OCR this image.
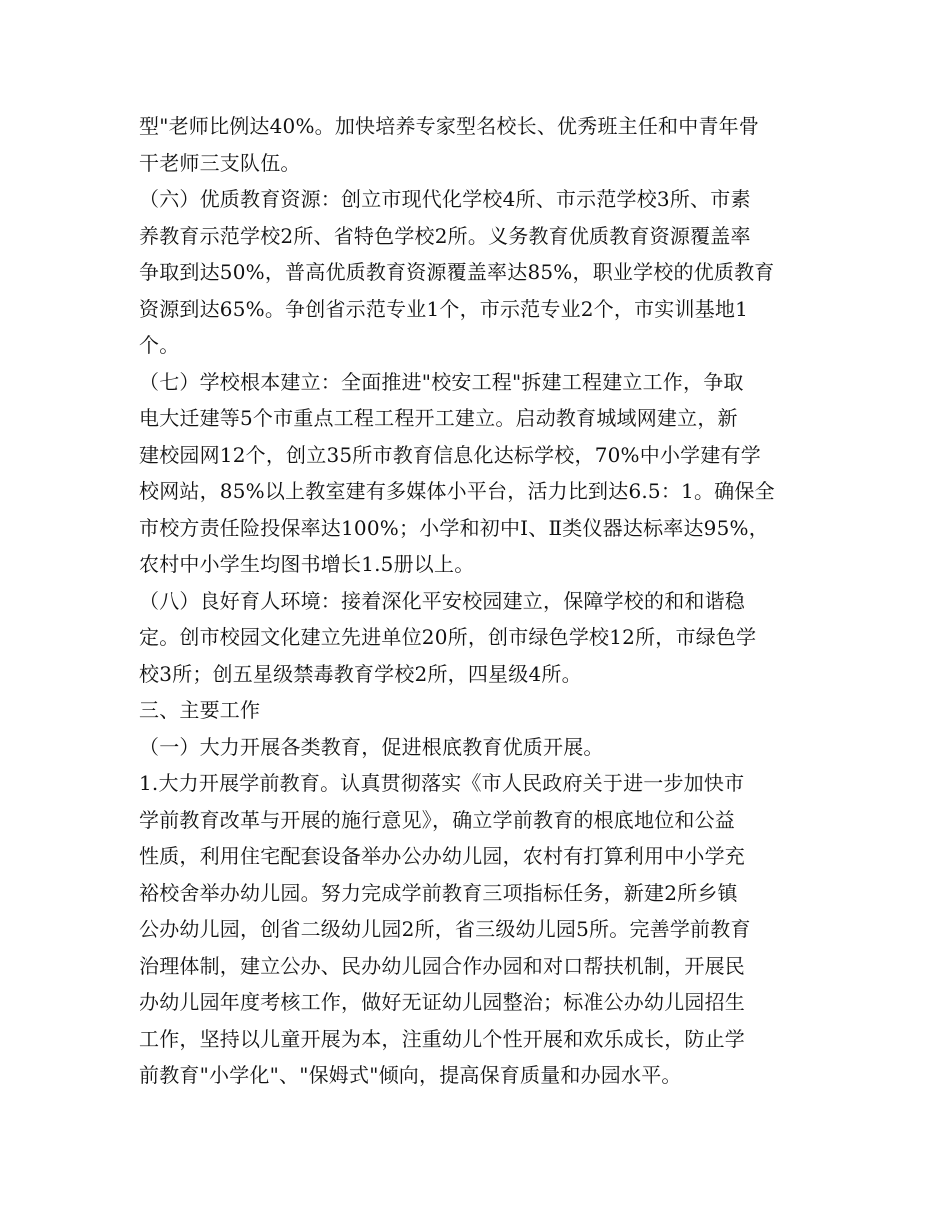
型"老师比例达40%。加快培养专家型名校长、优秀班主任和中青年骨
干老师三支队伍。
（六）优质教育资源：创立市现代化学校4所、市示范学校3所、市素
养教育示范学校2所、省特色学校2所。义务教育优质教育资源覆盖率
争取到达50%，普高优质教育资源覆盖率达85%，职业学校的优质教育
资源到达65%。争创省示范专业1个，市示范专业2个，市实训基地1
个。
（七）学校根本建立：全面推进"校安工程"拆建工程建立工作，争取
电大迁建等5个市重点工程工程开工建立。启动教育城域网建立，新
建校园网12个，创立35所市教育信息化达标学校，70%中小学建有学
校网站，85%以上教室建有多媒体小平台，活力比到达6.5：1。确保全
市校方责任险投保率达100%；小学和初中Ⅰ、Ⅱ类仪器达标率达95%，
农村中小学生均图书增长1.5册以上。
（八）良好育人环境：接着深化平安校园建立，保障学校的和和谐稳
定。创市校园文化建立先进单位20所，创市绿色学校12所，市绿色学
校3所；创五星级禁毒教育学校2所，四星级4所。
三、主要工作
（一）大力开展各类教育，促进根底教育优质开展。
1.大力开展学前教育。认真贯彻落实《市人民政府关于进一步加快市
学前教育改革与开展的施行意见》，确立学前教育的根底地位和公益
性质，利用住宅配套设备举办公办幼儿园，农村有打算利用中小学充
裕校舍举办幼儿园。努力完成学前教育三项指标任务，新建2所乡镇
公办幼儿园，创省二级幼儿园2所，省三级幼儿园5所。完善学前教育
治理体制，建立公办、民办幼儿园合作办园和对口帮扶机制，开展民
办幼儿园年度考核工作，做好无证幼儿园整治；标准公办幼儿园招生
工作，坚持以儿童开展为本，注重幼儿个性开展和欢乐成长，防止学
前教育"小学化"、"保姆式"倾向，提高保育质量和办园水平。
